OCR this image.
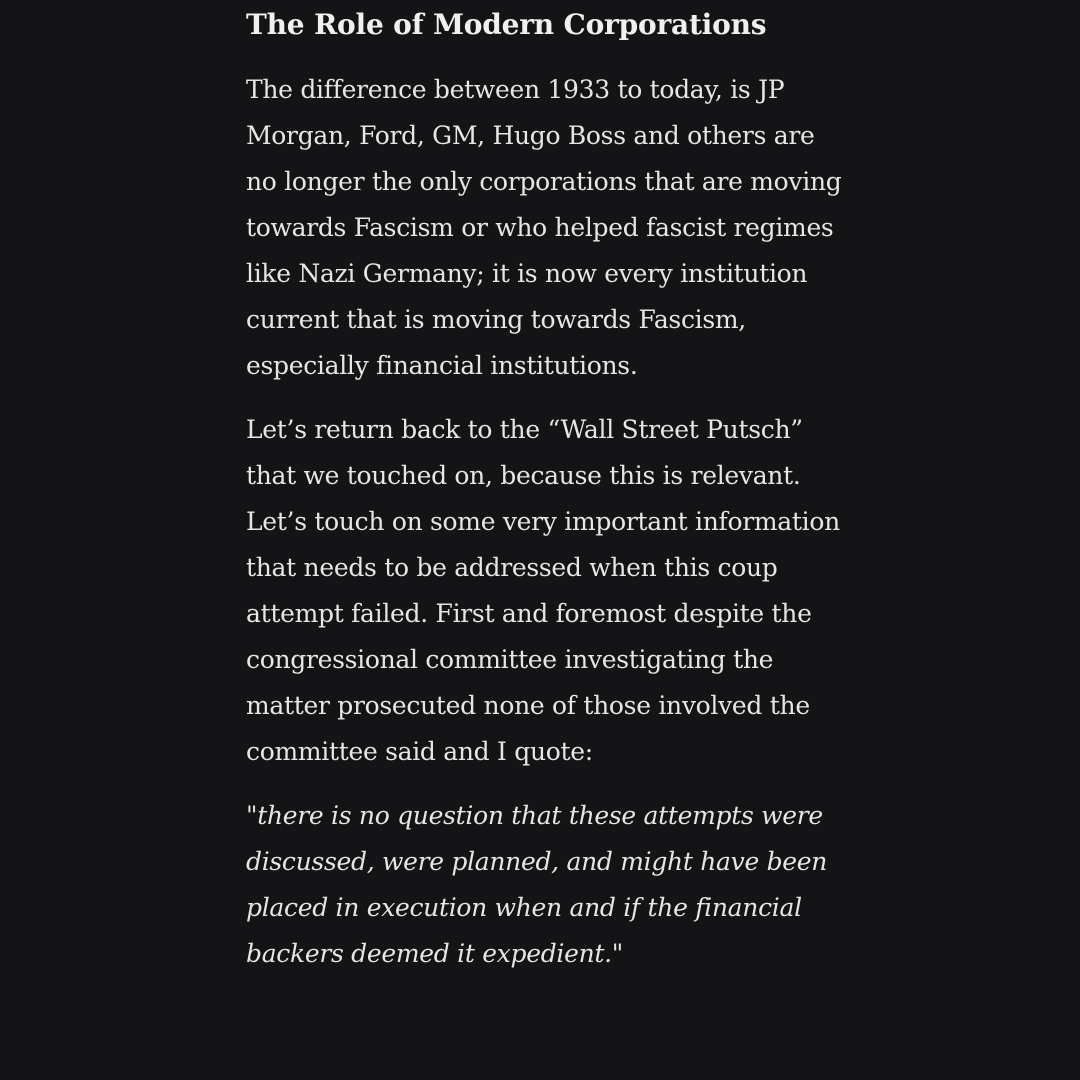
The Role of Modern Corporations

The difference between 1933 to today, is JP Morgan, Ford, GM, Hugo Boss and others are no longer the only corporations that are moving towards Fascism or who helped fascist regimes like Nazi Germany; it is now every institution current that is moving towards Fascism, especially financial institutions.

Let’s return back to the “Wall Street Putsch” that we touched on, because this is relevant. Let’s touch on some very important information that needs to be addressed when this coup attempt failed. First and foremost despite the congressional committee investigating the matter prosecuted none of those involved the committee said and I quote:

"there is no question that these attempts were discussed, were planned, and might have been placed in execution when and if the financial backers deemed it expedient."
